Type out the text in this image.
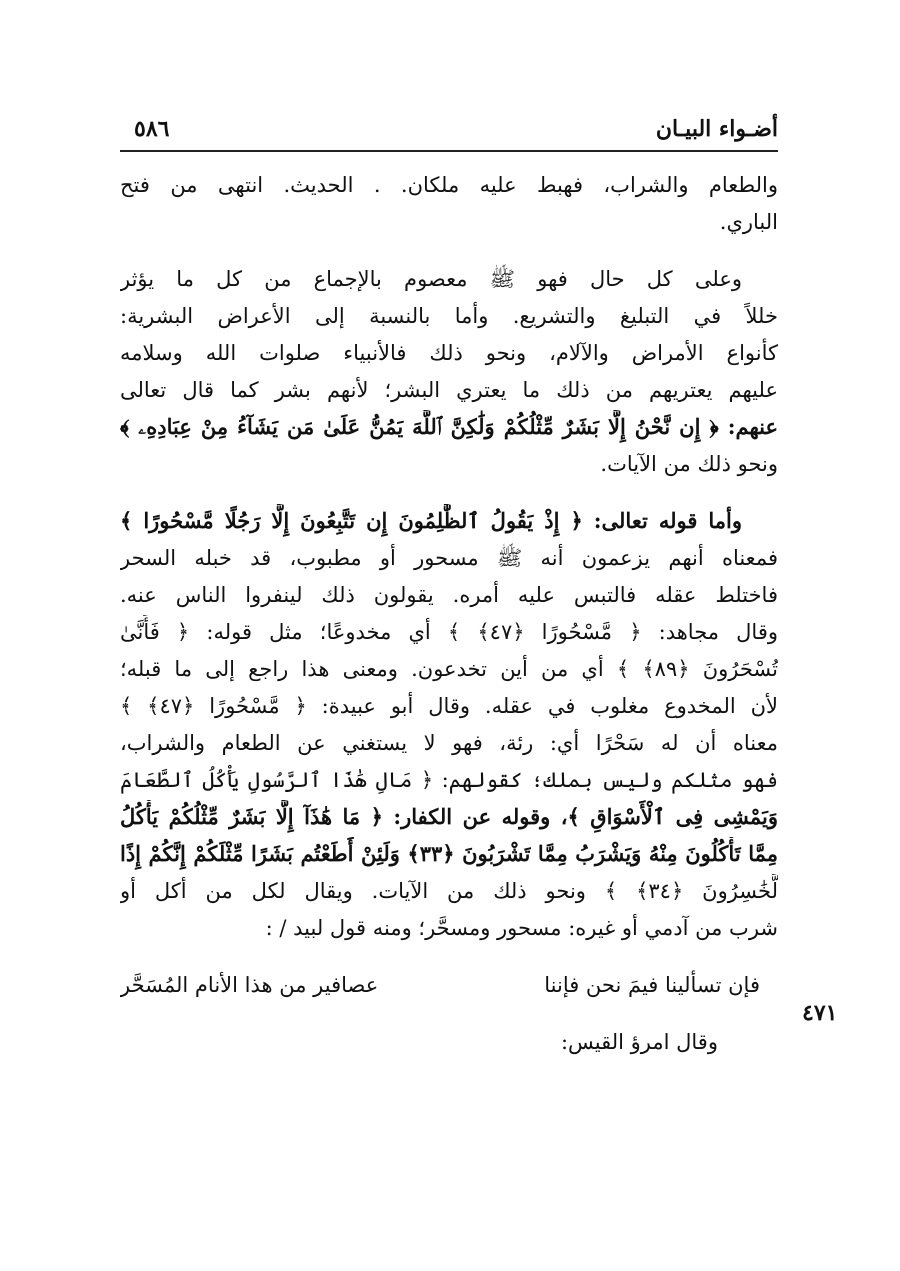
أضـواء البيـان
٥٨٦
٤٧١
والطعام والشراب، فهبط عليه ملكان. . الحديث. انتهى من فتح
الباري.
وعلى كل حال فهو ﷺ معصوم بالإجماع من كل ما يؤثر
خللاً في التبليغ والتشريع. وأما بالنسبة إلى الأعراض البشرية:
كأنواع الأمراض والآلام، ونحو ذلك فالأنبياء صلوات الله وسلامه
عليهم يعتريهم من ذلك ما يعتري البشر؛ لأنهم بشر كما قال تعالى
عنهم: ﴿ إِن نَّحْنُ إِلَّا بَشَرٌ مِّثْلُكُمْ وَلَٰكِنَّ ٱللَّهَ يَمُنُّ عَلَىٰ مَن يَشَآءُ مِنْ عِبَادِهِۦ ﴾
ونحو ذلك من الآيات.
وأما قوله تعالى: ﴿ إِذْ يَقُولُ ٱلظَّٰلِمُونَ إِن تَتَّبِعُونَ إِلَّا رَجُلًا مَّسْحُورًا ﴾
فمعناه أنهم يزعمون أنه ﷺ مسحور أو مطبوب، قد خبله السحر
فاختلط عقله فالتبس عليه أمره. يقولون ذلك لينفروا الناس عنه.
وقال مجاهد: ﴿ مَّسْحُورًا ﴿٤٧﴾ ﴾ أي مخدوعًا؛ مثل قوله: ﴿ فَأَنَّىٰ
تُسْحَرُونَ ﴿٨٩﴾ ﴾ أي من أين تخدعون. ومعنى هذا راجع إلى ما قبله؛
لأن المخدوع مغلوب في عقله. وقال أبو عبيدة: ﴿ مَّسْحُورًا ﴿٤٧﴾ ﴾
معناه أن له سَحْرًا أي: رئة، فهو لا يستغني عن الطعام والشراب،
فهو مثلكم وليس بملك؛ كقولهم: ﴿ مَالِ هَٰذَا ٱلرَّسُولِ يَأْكُلُ ٱلطَّعَامَ
وَيَمْشِى فِى ٱلْأَسْوَاقِ ﴾، وقوله عن الكفار: ﴿ مَا هَٰذَآ إِلَّا بَشَرٌ مِّثْلُكُمْ يَأْكُلُ
مِمَّا تَأْكُلُونَ مِنْهُ وَيَشْرَبُ مِمَّا تَشْرَبُونَ ﴿٣٣﴾ وَلَئِنْ أَطَعْتُم بَشَرًا مِّثْلَكُمْ إِنَّكُمْ إِذًا
لَّخَٰسِرُونَ ﴿٣٤﴾ ﴾ ونحو ذلك من الآيات. ويقال لكل من أكل أو
شرب من آدمي أو غيره: مسحور ومسحَّر؛ ومنه قول لبيد / :
فإن تسألينا فيمَ نحن فإننا
عصافير من هذا الأنام المُسَحَّر
وقال امرؤ القيس:
